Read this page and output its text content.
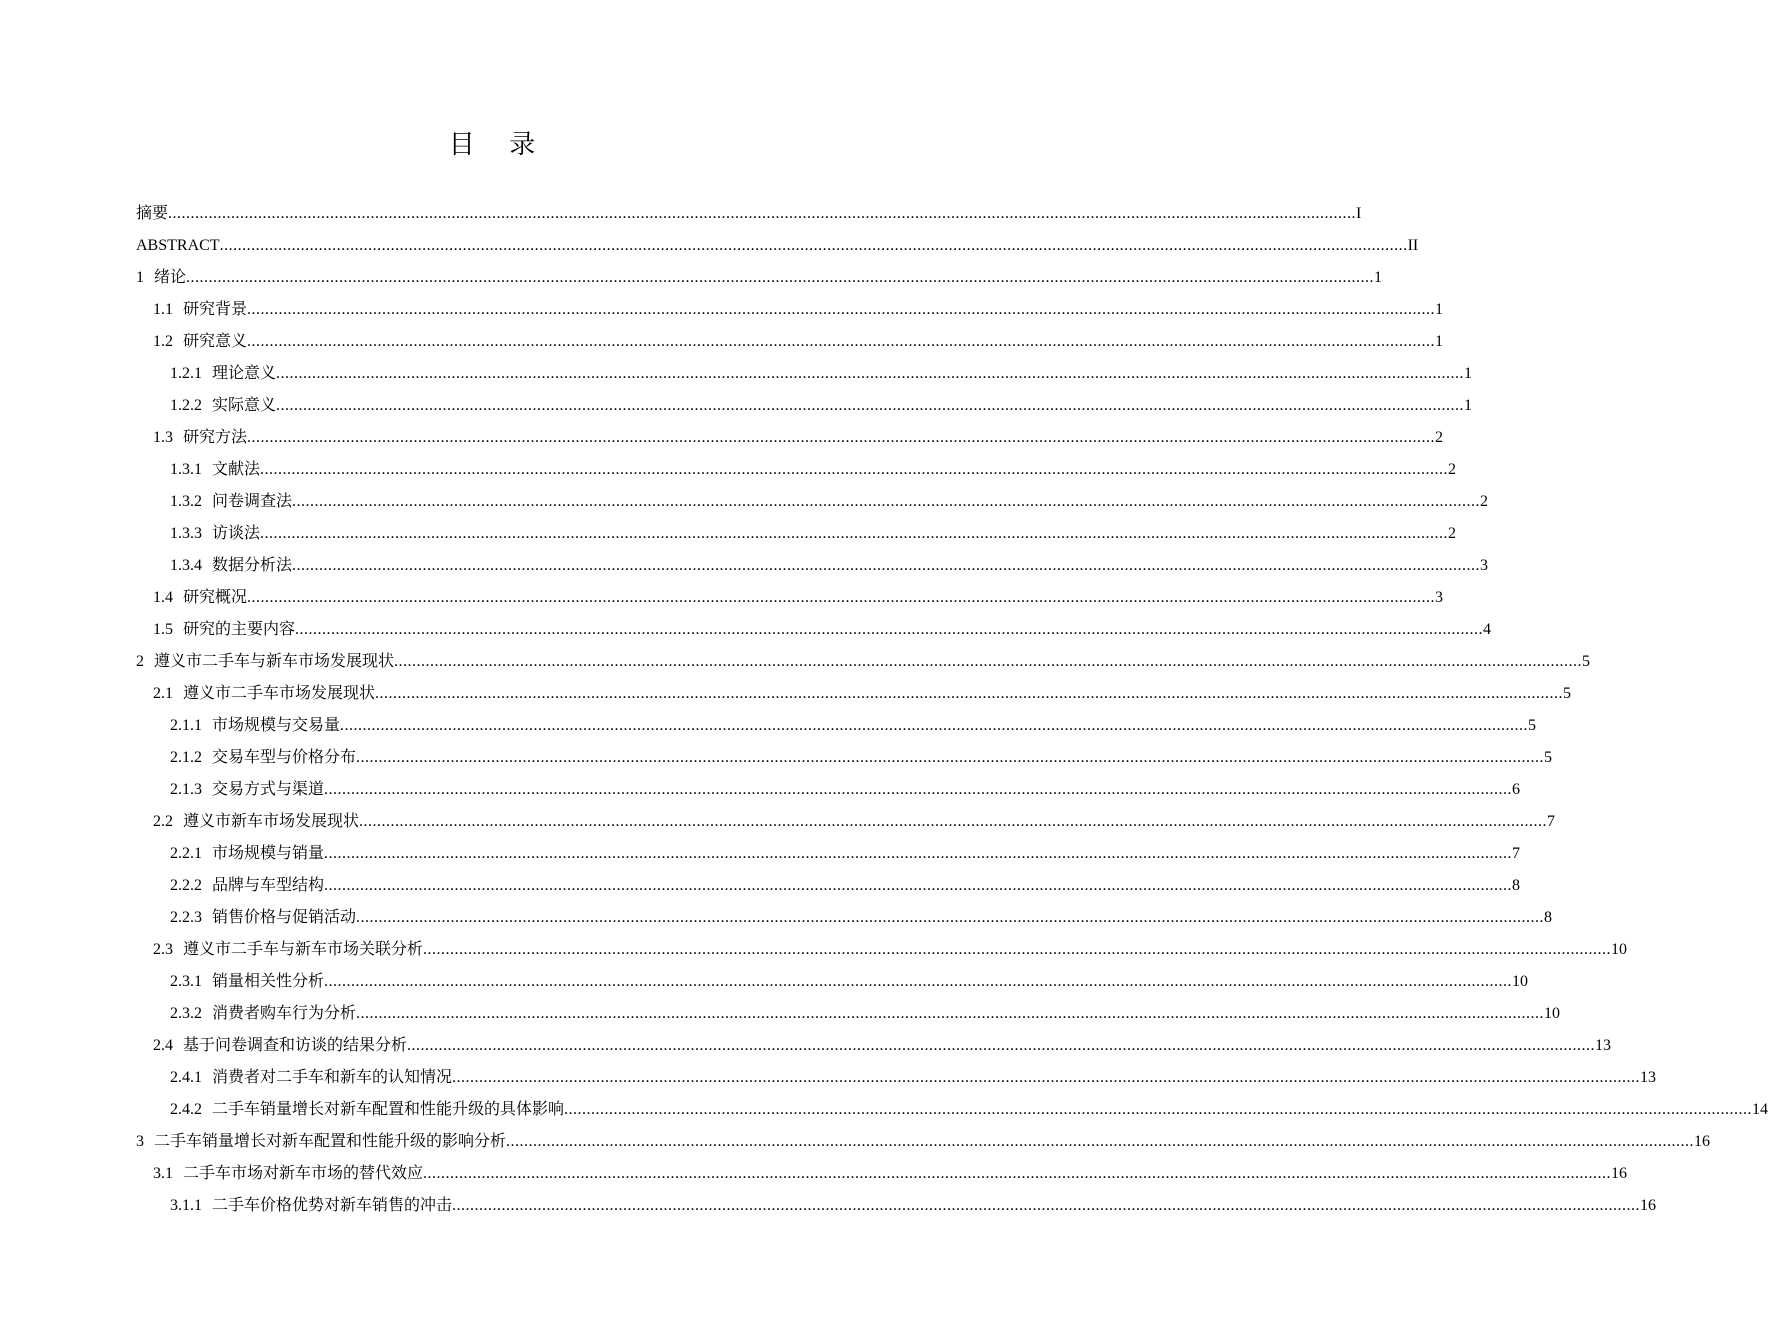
目 录
摘要 ........................................................................................................................................................................................................................................................................ I
ABSTRACT ........................................................................................................................................................................................................................................................................ II
1 绪论 ........................................................................................................................................................................................................................................................................ 1
1.1 研究背景 ........................................................................................................................................................................................................................................................................ 1
1.2 研究意义 ........................................................................................................................................................................................................................................................................ 1
1.2.1 理论意义 ........................................................................................................................................................................................................................................................................ 1
1.2.2 实际意义 ........................................................................................................................................................................................................................................................................ 1
1.3 研究方法 ........................................................................................................................................................................................................................................................................ 2
1.3.1 文献法 ........................................................................................................................................................................................................................................................................ 2
1.3.2 问卷调查法 ........................................................................................................................................................................................................................................................................ 2
1.3.3 访谈法 ........................................................................................................................................................................................................................................................................ 2
1.3.4 数据分析法 ........................................................................................................................................................................................................................................................................ 3
1.4 研究概况 ........................................................................................................................................................................................................................................................................ 3
1.5 研究的主要内容 ........................................................................................................................................................................................................................................................................ 4
2 遵义市二手车与新车市场发展现状 ........................................................................................................................................................................................................................................................................ 5
2.1 遵义市二手车市场发展现状 ........................................................................................................................................................................................................................................................................ 5
2.1.1 市场规模与交易量 ........................................................................................................................................................................................................................................................................ 5
2.1.2 交易车型与价格分布 ........................................................................................................................................................................................................................................................................ 5
2.1.3 交易方式与渠道 ........................................................................................................................................................................................................................................................................ 6
2.2 遵义市新车市场发展现状 ........................................................................................................................................................................................................................................................................ 7
2.2.1 市场规模与销量 ........................................................................................................................................................................................................................................................................ 7
2.2.2 品牌与车型结构 ........................................................................................................................................................................................................................................................................ 8
2.2.3 销售价格与促销活动 ........................................................................................................................................................................................................................................................................ 8
2.3 遵义市二手车与新车市场关联分析 ........................................................................................................................................................................................................................................................................ 10
2.3.1 销量相关性分析 ........................................................................................................................................................................................................................................................................ 10
2.3.2 消费者购车行为分析 ........................................................................................................................................................................................................................................................................ 10
2.4 基于问卷调查和访谈的结果分析 ........................................................................................................................................................................................................................................................................ 13
2.4.1 消费者对二手车和新车的认知情况 ........................................................................................................................................................................................................................................................................ 13
2.4.2 二手车销量增长对新车配置和性能升级的具体影响 ........................................................................................................................................................................................................................................................................ 14
3 二手车销量增长对新车配置和性能升级的影响分析 ........................................................................................................................................................................................................................................................................ 16
3.1 二手车市场对新车市场的替代效应 ........................................................................................................................................................................................................................................................................ 16
3.1.1 二手车价格优势对新车销售的冲击 ........................................................................................................................................................................................................................................................................ 16
